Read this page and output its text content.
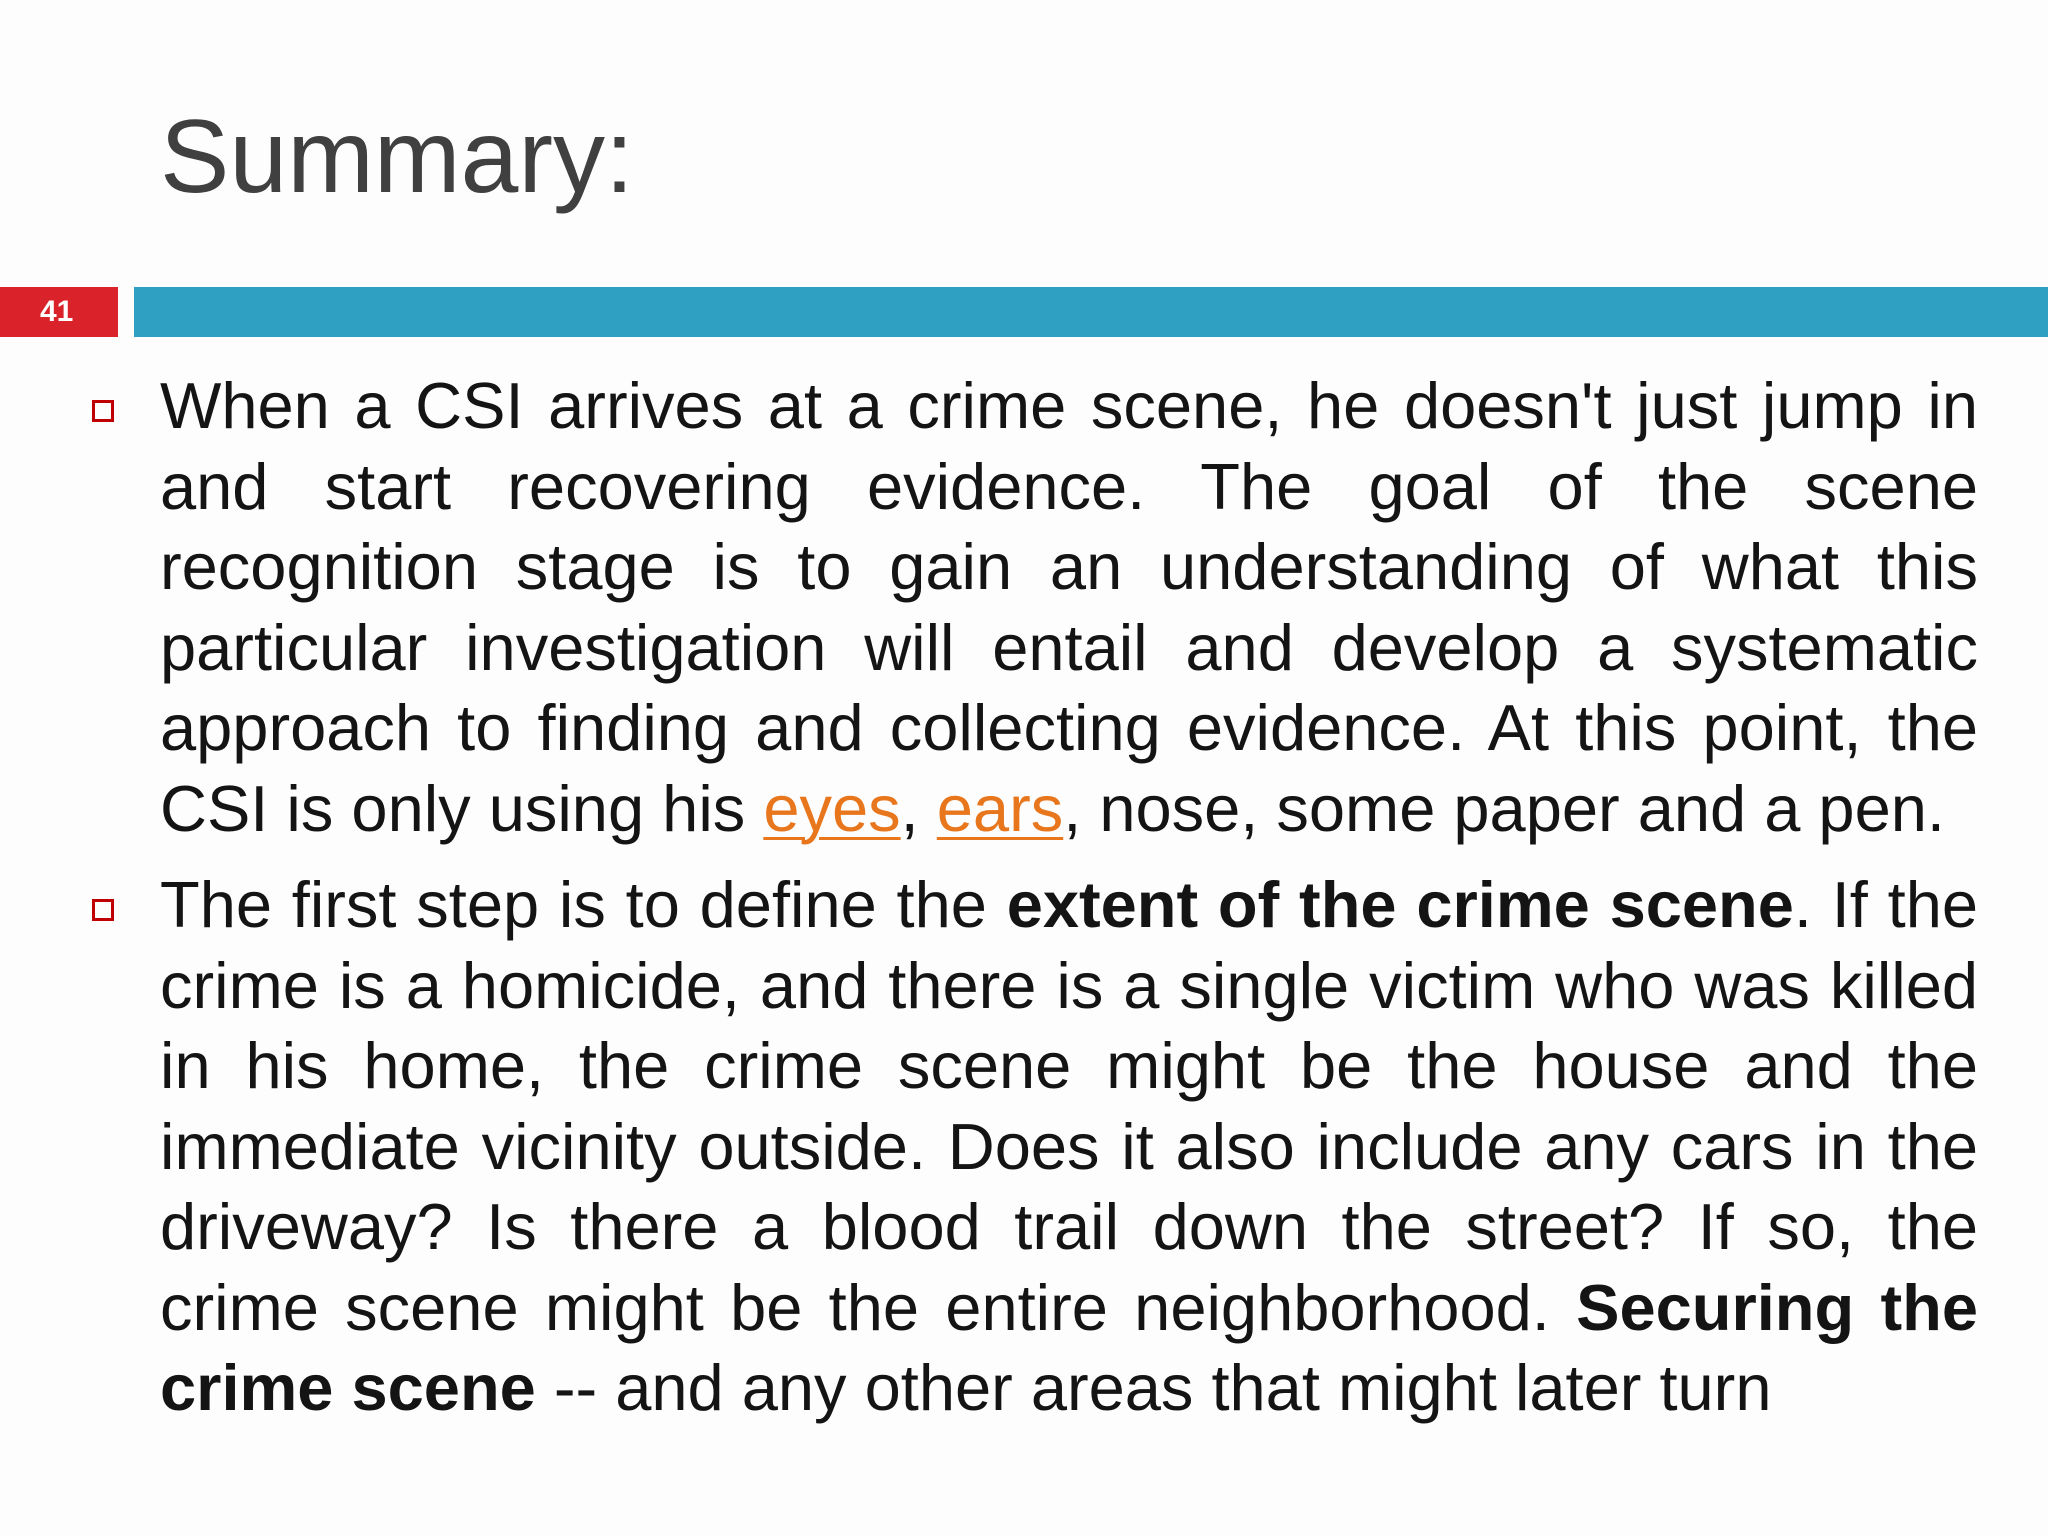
Summary:
41

When a CSI arrives at a crime scene, he doesn't just jump in and start recovering evidence. The goal of the scene recognition stage is to gain an understanding of what this particular investigation will entail and develop a systematic approach to finding and collecting evidence. At this point, the CSI is only using his eyes, ears, nose, some paper and a pen.

The first step is to define the extent of the crime scene. If the crime is a homicide, and there is a single victim who was killed in his home, the crime scene might be the house and the immediate vicinity outside. Does it also include any cars in the driveway? Is there a blood trail down the street? If so, the crime scene might be the entire neighborhood. Securing the crime scene -- and any other areas that might later turn
